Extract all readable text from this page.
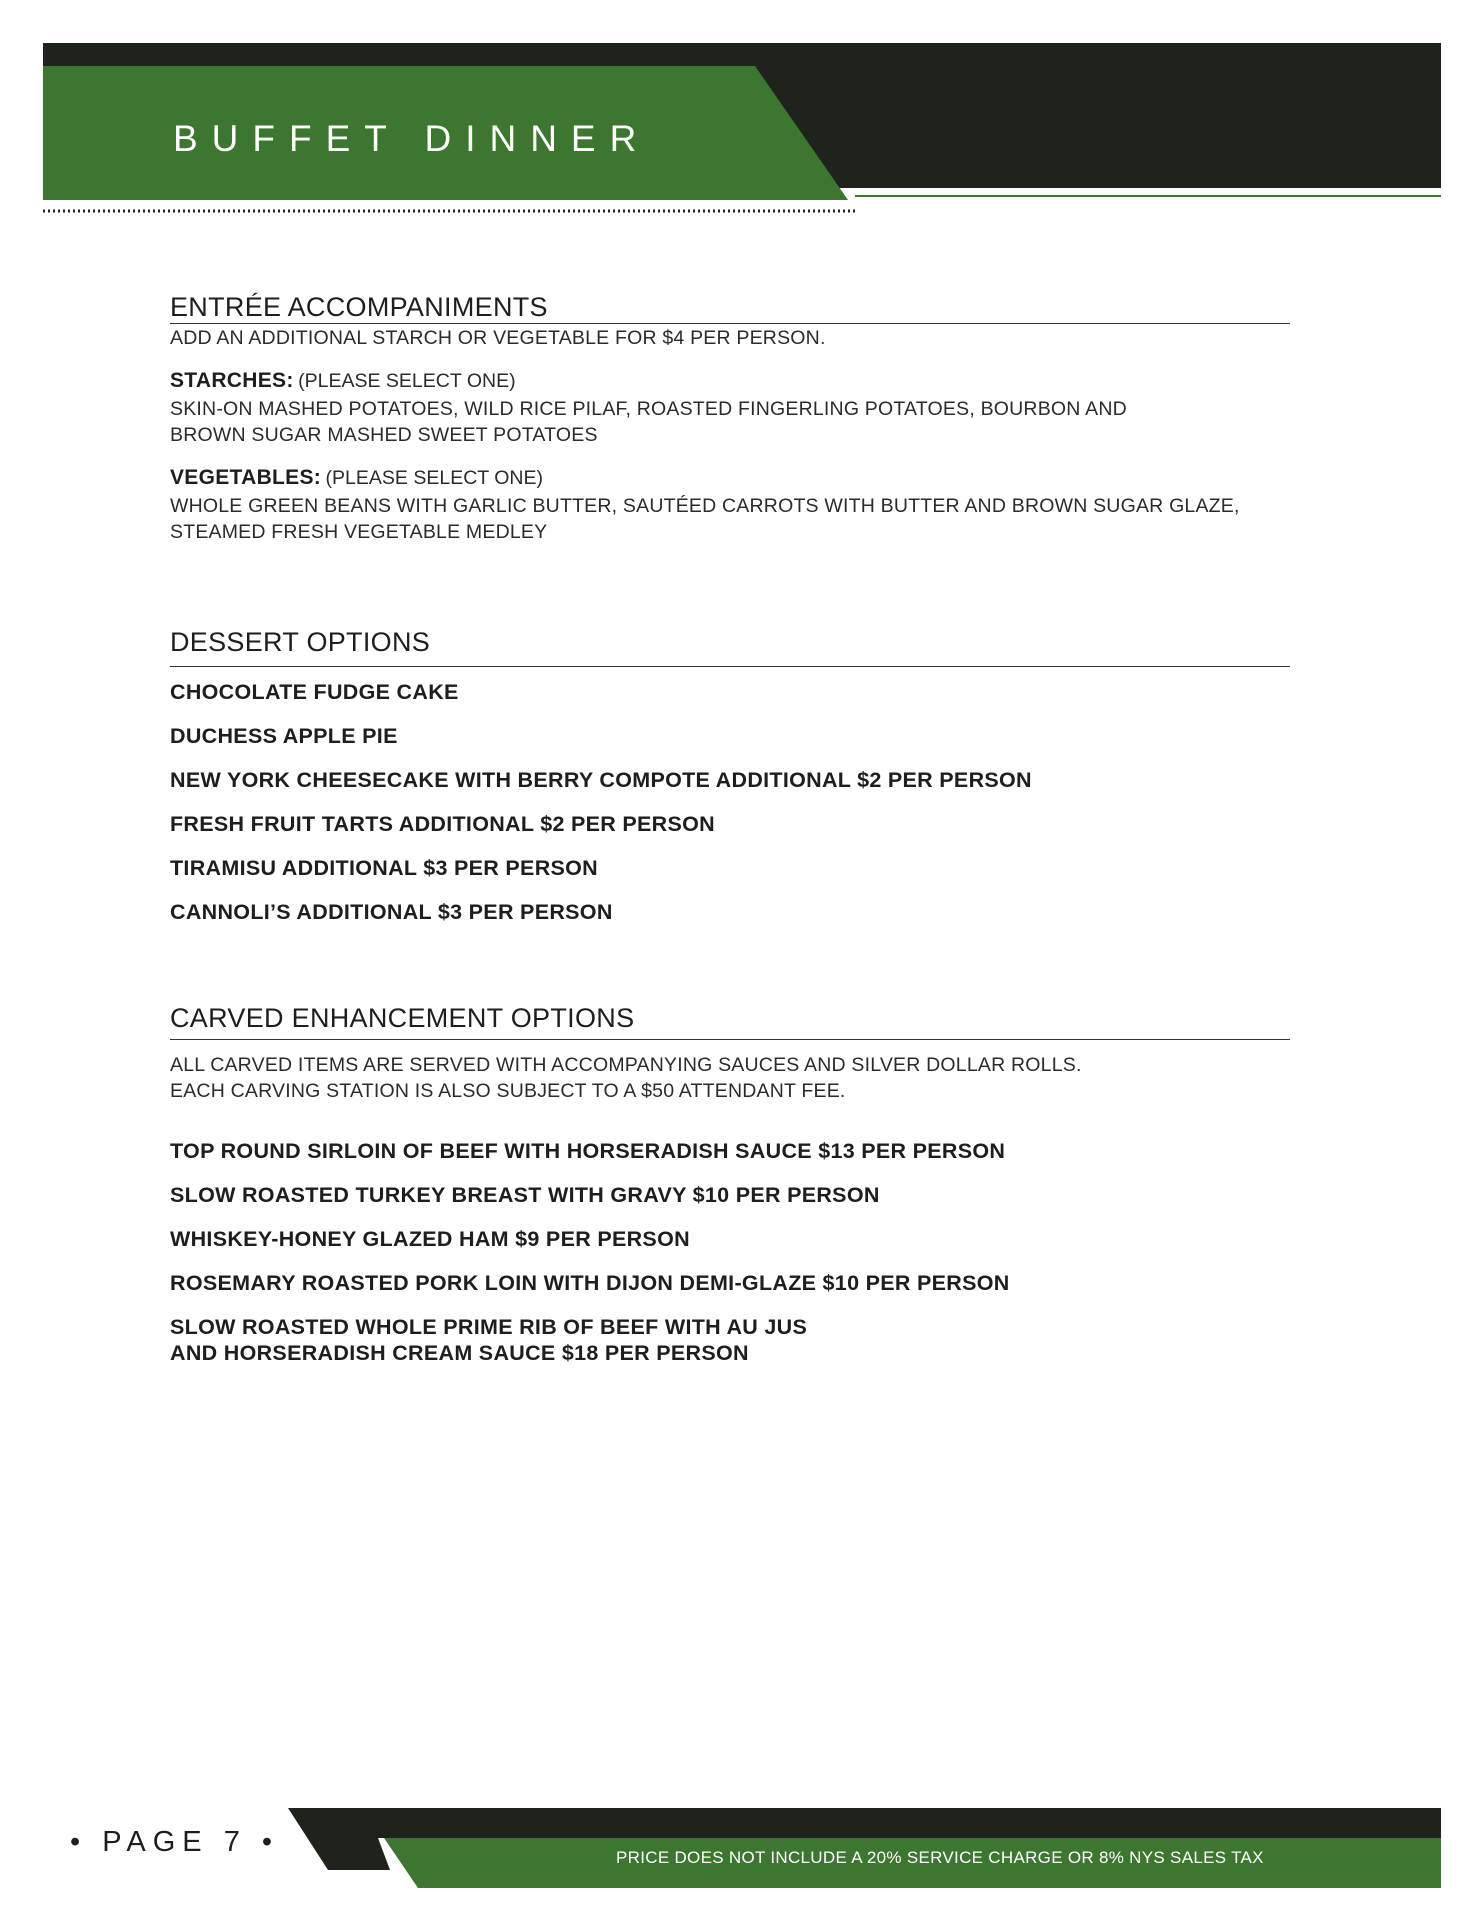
BUFFET DINNER
ENTRÉE ACCOMPANIMENTS
ADD AN ADDITIONAL STARCH OR VEGETABLE FOR $4 PER PERSON.
STARCHES: (PLEASE SELECT ONE)
SKIN-ON MASHED POTATOES, WILD RICE PILAF, ROASTED FINGERLING POTATOES, BOURBON AND
BROWN SUGAR MASHED SWEET POTATOES
VEGETABLES: (PLEASE SELECT ONE)
WHOLE GREEN BEANS WITH GARLIC BUTTER, SAUTÉED CARROTS WITH BUTTER AND BROWN SUGAR GLAZE,
STEAMED FRESH VEGETABLE MEDLEY
DESSERT OPTIONS
CHOCOLATE FUDGE CAKE
DUCHESS APPLE PIE
NEW YORK CHEESECAKE WITH BERRY COMPOTE ADDITIONAL $2 PER PERSON
FRESH FRUIT TARTS ADDITIONAL $2 PER PERSON
TIRAMISU ADDITIONAL $3 PER PERSON
CANNOLI’S ADDITIONAL $3 PER PERSON
CARVED ENHANCEMENT OPTIONS
ALL CARVED ITEMS ARE SERVED WITH ACCOMPANYING SAUCES AND SILVER DOLLAR ROLLS.
EACH CARVING STATION IS ALSO SUBJECT TO A $50 ATTENDANT FEE.
TOP ROUND SIRLOIN OF BEEF WITH HORSERADISH SAUCE $13 PER PERSON
SLOW ROASTED TURKEY BREAST WITH GRAVY $10 PER PERSON
WHISKEY-HONEY GLAZED HAM $9 PER PERSON
ROSEMARY ROASTED PORK LOIN WITH DIJON DEMI-GLAZE $10 PER PERSON
SLOW ROASTED WHOLE PRIME RIB OF BEEF WITH AU JUS
AND HORSERADISH CREAM SAUCE $18 PER PERSON
• PAGE 7 •	PRICE DOES NOT INCLUDE A 20% SERVICE CHARGE OR 8% NYS SALES TAX
